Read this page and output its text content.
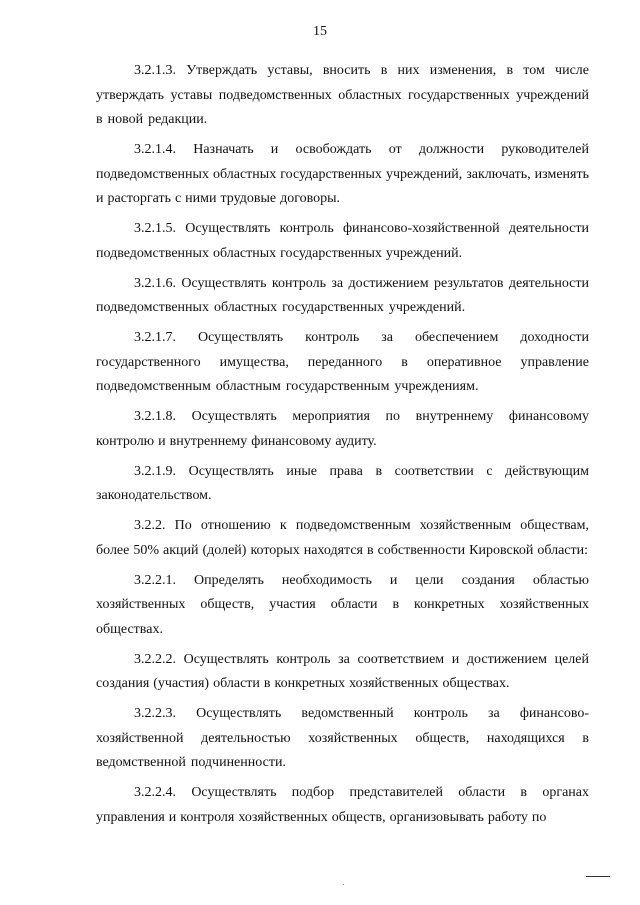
15

3.2.1.3. Утверждать уставы, вносить в них изменения, в том числе утверждать уставы подведомственных областных государственных учреждений в новой редакции.

3.2.1.4. Назначать и освобождать от должности руководителей подведомственных областных государственных учреждений, заключать, изменять и расторгать с ними трудовые договоры.

3.2.1.5. Осуществлять контроль финансово-хозяйственной деятельности подведомственных областных государственных учреждений.

3.2.1.6. Осуществлять контроль за достижением результатов деятельности подведомственных областных государственных учреждений.

3.2.1.7. Осуществлять контроль за обеспечением доходности государственного имущества, переданного в оперативное управление подведомственным областным государственным учреждениям.

3.2.1.8. Осуществлять мероприятия по внутреннему финансовому контролю и внутреннему финансовому аудиту.

3.2.1.9. Осуществлять иные права в соответствии с действующим законодательством.

3.2.2. По отношению к подведомственным хозяйственным обществам, более 50% акций (долей) которых находятся в собственности Кировской области:

3.2.2.1. Определять необходимость и цели создания областью хозяйственных обществ, участия области в конкретных хозяйственных обществах.

3.2.2.2. Осуществлять контроль за соответствием и достижением целей создания (участия) области в конкретных хозяйственных обществах.

3.2.2.3. Осуществлять ведомственный контроль за финансово-хозяйственной деятельностью хозяйственных обществ, находящихся в ведомственной подчиненности.

3.2.2.4. Осуществлять подбор представителей области в органах управления и контроля хозяйственных обществ, организовывать работу по
